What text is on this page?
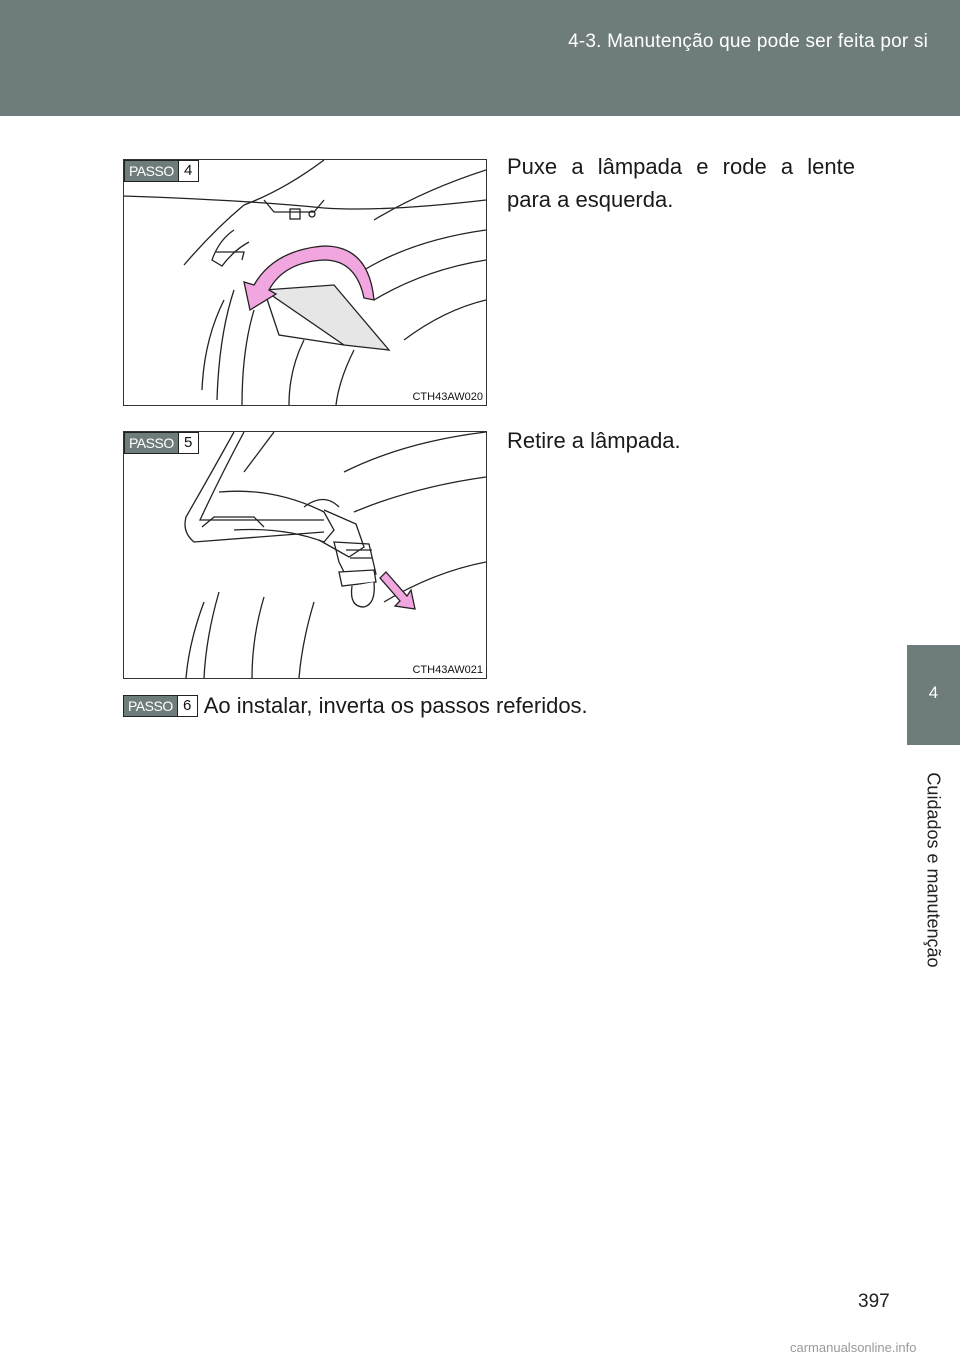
4-3. Manutenção que pode ser feita por si
4
Cuidados e manutenção
PASSO 4
CTH43AW020
Puxe a lâmpada e rode a lente
para a esquerda.
PASSO 5
CTH43AW021
Retire a lâmpada.
PASSO 6 Ao instalar, inverta os passos referidos.
397
carmanualsonline.info
